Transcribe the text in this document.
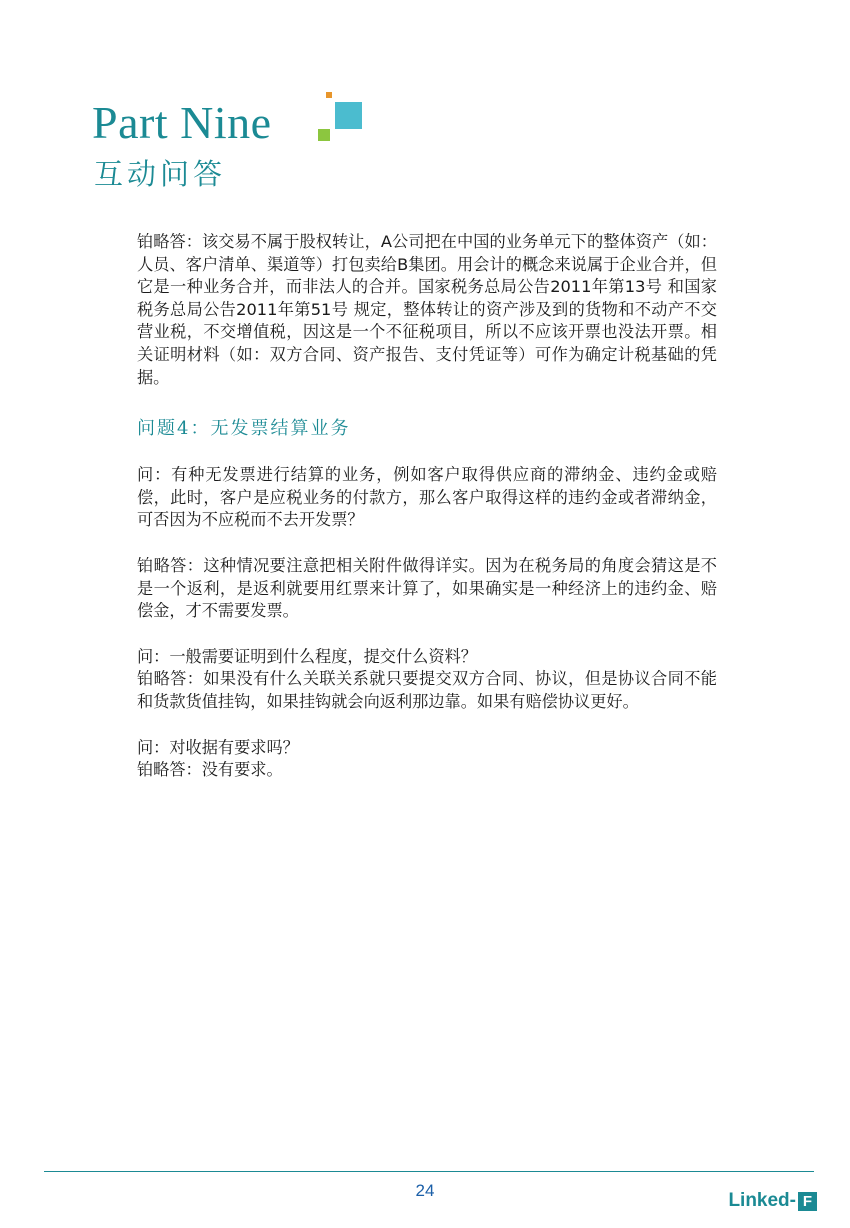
Part Nine
互动问答

铂略答：该交易不属于股权转让，A公司把在中国的业务单元下的整体资产（如：人员、客户清单、渠道等）打包卖给B集团。用会计的概念来说属于企业合并，但它是一种业务合并，而非法人的合并。国家税务总局公告2011年第13号 和国家税务总局公告2011年第51号 规定，整体转让的资产涉及到的货物和不动产不交营业税，不交增值税，因这是一个不征税项目，所以不应该开票也没法开票。相关证明材料（如：双方合同、资产报告、支付凭证等）可作为确定计税基础的凭据。

问题4：无发票结算业务

问：有种无发票进行结算的业务，例如客户取得供应商的滞纳金、违约金或赔偿，此时，客户是应税业务的付款方，那么客户取得这样的违约金或者滞纳金，可否因为不应税而不去开发票？

铂略答：这种情况要注意把相关附件做得详实。因为在税务局的角度会猜这是不是一个返利，是返利就要用红票来计算了，如果确实是一种经济上的违约金、赔偿金，才不需要发票。

问：一般需要证明到什么程度，提交什么资料？

铂略答：如果没有什么关联关系就只要提交双方合同、协议，但是协议合同不能和货款货值挂钩，如果挂钩就会向返利那边靠。如果有赔偿协议更好。

问：对收据有要求吗？

铂略答：没有要求。

24	Linked- F
